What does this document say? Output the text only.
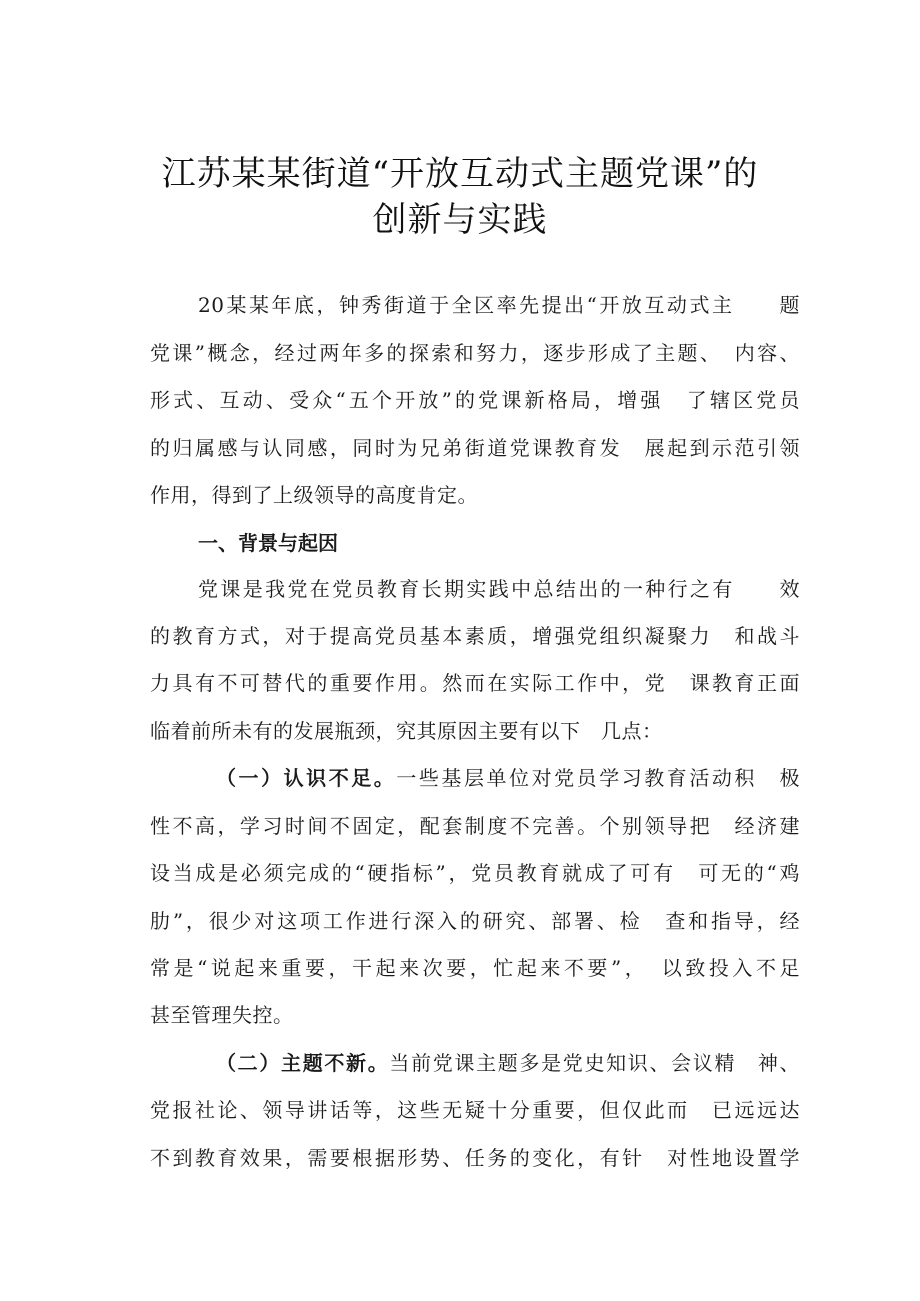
江苏某某街道“开放互动式主题党课”的
创新与实践
20某某年底，钟秀街道于全区率先提出“开放互动式主　　题
党课”概念，经过两年多的探索和努力，逐步形成了主题、　内容、
形式、互动、受众“五个开放”的党课新格局，增强　了辖区党员
的归属感与认同感，同时为兄弟街道党课教育发　展起到示范引领
作用，得到了上级领导的高度肯定。
一、背景与起因
党课是我党在党员教育长期实践中总结出的一种行之有　　效
的教育方式，对于提高党员基本素质，增强党组织凝聚力　和战斗
力具有不可替代的重要作用。然而在实际工作中，党　课教育正面
临着前所未有的发展瓶颈，究其原因主要有以下　几点：
（一）认识不足。一些基层单位对党员学习教育活动积　极
性不高，学习时间不固定，配套制度不完善。个别领导把　经济建
设当成是必须完成的“硬指标”，党员教育就成了可有　可无的“鸡
肋”，很少对这项工作进行深入的研究、部署、检　查和指导，经
常是“说起来重要，干起来次要，忙起来不要”，　以致投入不足
甚至管理失控。
（二）主题不新。当前党课主题多是党史知识、会议精　神、
党报社论、领导讲话等，这些无疑十分重要，但仅此而　已远远达
不到教育效果，需要根据形势、任务的变化，有针　对性地设置学
